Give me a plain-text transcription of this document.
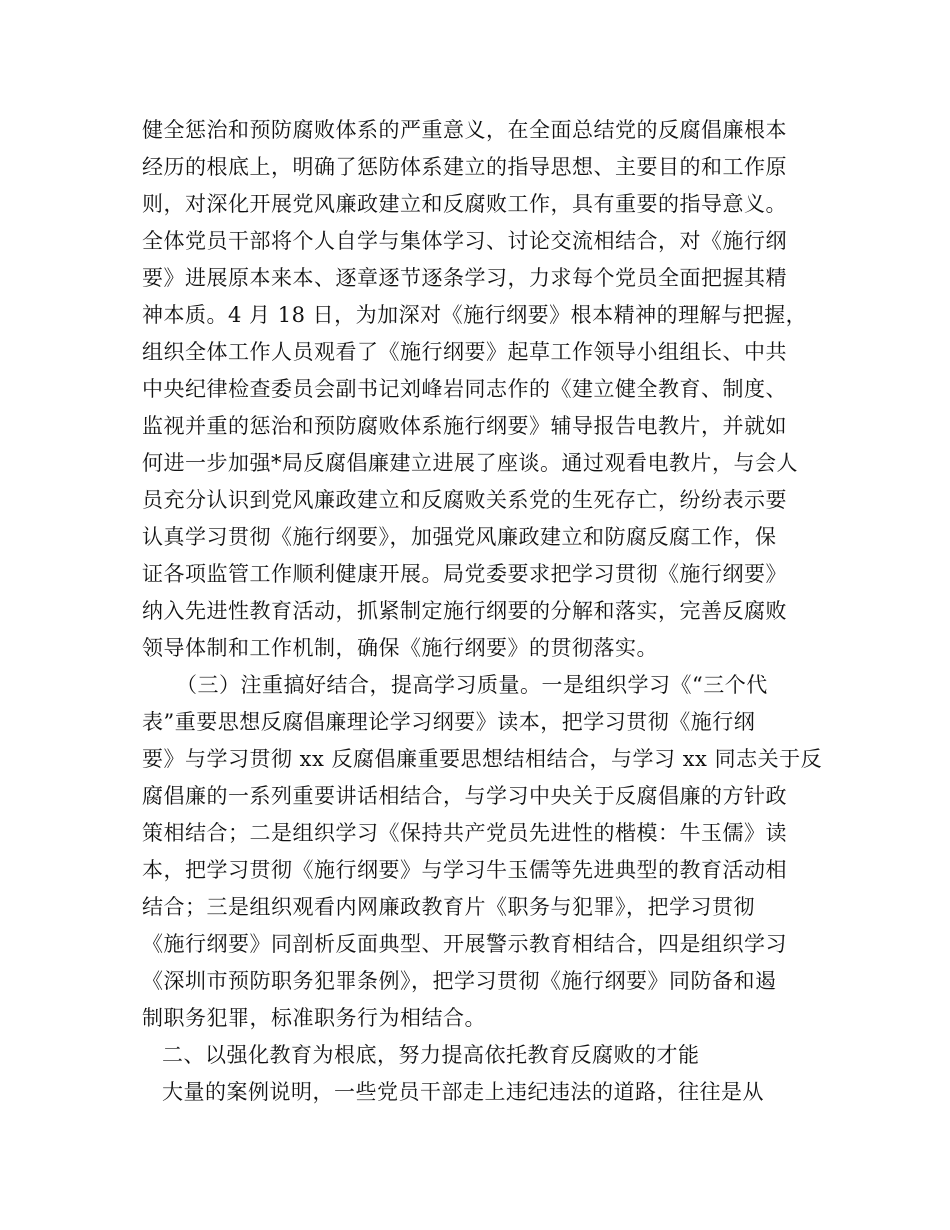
健全惩治和预防腐败体系的严重意义，在全面总结党的反腐倡廉根本
经历的根底上，明确了惩防体系建立的指导思想、主要目的和工作原
则，对深化开展党风廉政建立和反腐败工作，具有重要的指导意义。
全体党员干部将个人自学与集体学习、讨论交流相结合，对《施行纲
要》进展原本来本、逐章逐节逐条学习，力求每个党员全面把握其精
神本质。4 月 18 日，为加深对《施行纲要》根本精神的理解与把握，
组织全体工作人员观看了《施行纲要》起草工作领导小组组长、中共
中央纪律检查委员会副书记刘峰岩同志作的《建立健全教育、制度、
监视并重的惩治和预防腐败体系施行纲要》辅导报告电教片，并就如
何进一步加强*局反腐倡廉建立进展了座谈。通过观看电教片，与会人
员充分认识到党风廉政建立和反腐败关系党的生死存亡，纷纷表示要
认真学习贯彻《施行纲要》，加强党风廉政建立和防腐反腐工作，保
证各项监管工作顺利健康开展。局党委要求把学习贯彻《施行纲要》
纳入先进性教育活动，抓紧制定施行纲要的分解和落实，完善反腐败
领导体制和工作机制，确保《施行纲要》的贯彻落实。
（三）注重搞好结合，提高学习质量。一是组织学习《“三个代
表”重要思想反腐倡廉理论学习纲要》读本，把学习贯彻《施行纲
要》与学习贯彻 xx 反腐倡廉重要思想结相结合，与学习 xx 同志关于反
腐倡廉的一系列重要讲话相结合，与学习中央关于反腐倡廉的方针政
策相结合；二是组织学习《保持共产党员先进性的楷模：牛玉儒》读
本，把学习贯彻《施行纲要》与学习牛玉儒等先进典型的教育活动相
结合；三是组织观看内网廉政教育片《职务与犯罪》，把学习贯彻
《施行纲要》同剖析反面典型、开展警示教育相结合，四是组织学习
《深圳市预防职务犯罪条例》，把学习贯彻《施行纲要》同防备和遏
制职务犯罪，标准职务行为相结合。
二、以强化教育为根底，努力提高依托教育反腐败的才能
大量的案例说明，一些党员干部走上违纪违法的道路，往往是从
